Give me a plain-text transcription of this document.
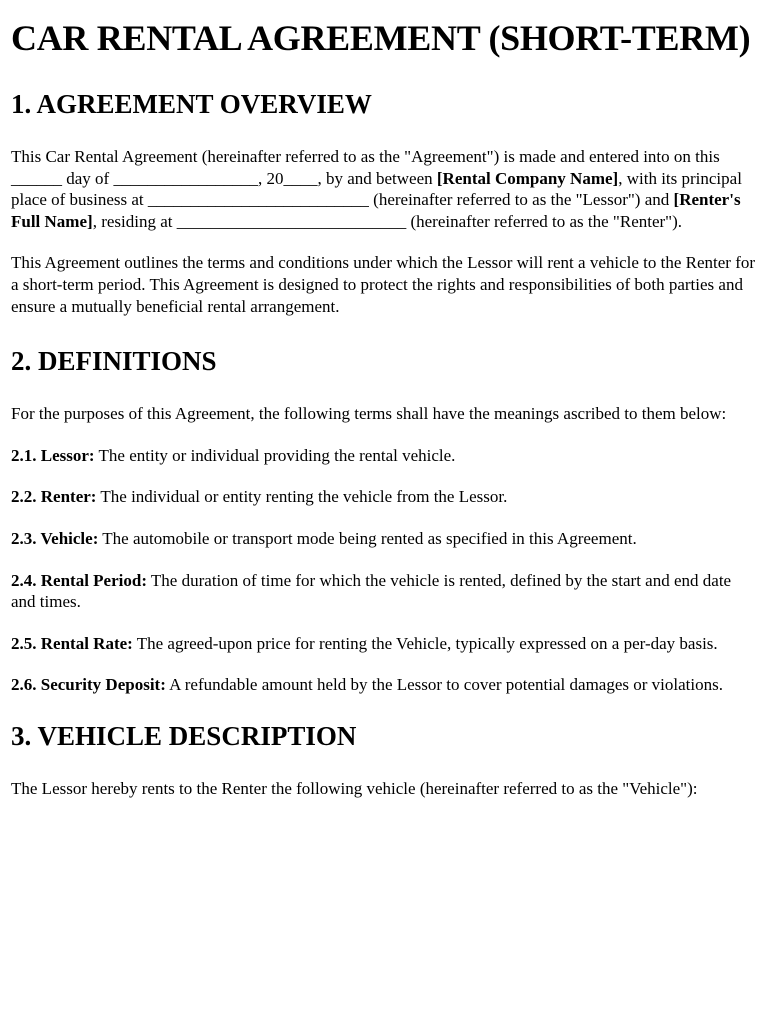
CAR RENTAL AGREEMENT (SHORT-TERM)
1. AGREEMENT OVERVIEW

This Car Rental Agreement (hereinafter referred to as the "Agreement") is made and entered into on this ______ day of _________________, 20____, by and between [Rental Company Name], with its principal place of business at __________________________ (hereinafter referred to as the "Lessor") and [Renter's Full Name], residing at ___________________________ (hereinafter referred to as the "Renter").

This Agreement outlines the terms and conditions under which the Lessor will rent a vehicle to the Renter for a short-term period. This Agreement is designed to protect the rights and responsibilities of both parties and ensure a mutually beneficial rental arrangement.

2. DEFINITIONS

For the purposes of this Agreement, the following terms shall have the meanings ascribed to them below:

2.1. Lessor: The entity or individual providing the rental vehicle.

2.2. Renter: The individual or entity renting the vehicle from the Lessor.

2.3. Vehicle: The automobile or transport mode being rented as specified in this Agreement.

2.4. Rental Period: The duration of time for which the vehicle is rented, defined by the start and end date and times.

2.5. Rental Rate: The agreed-upon price for renting the Vehicle, typically expressed on a per-day basis.

2.6. Security Deposit: A refundable amount held by the Lessor to cover potential damages or violations.

3. VEHICLE DESCRIPTION

The Lessor hereby rents to the Renter the following vehicle (hereinafter referred to as the "Vehicle"):
